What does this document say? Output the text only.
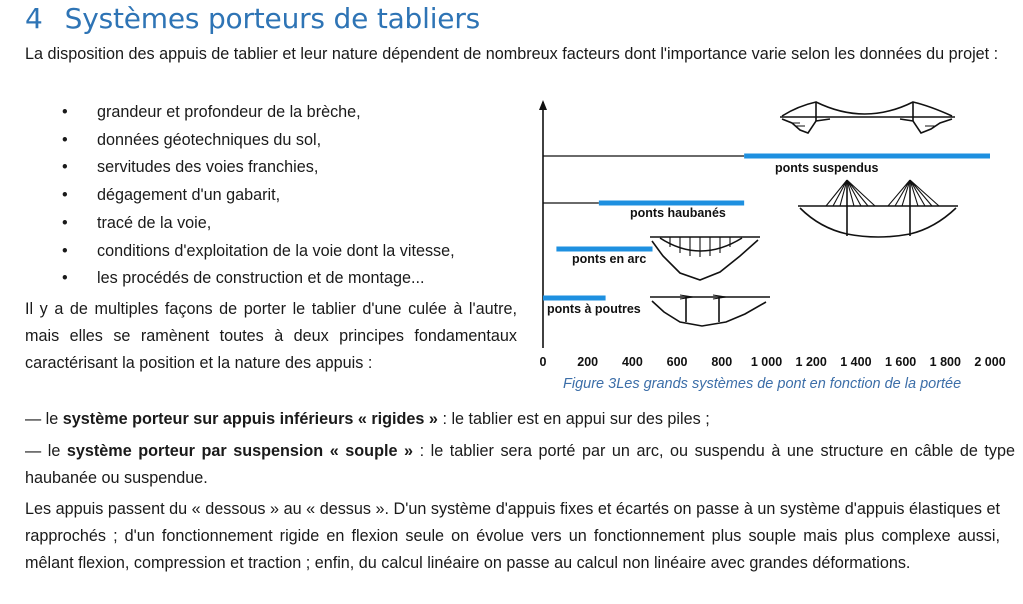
4 Systèmes porteurs de tabliers
La disposition des appuis de tablier et leur nature dépendent de nombreux facteurs dont l'importance varie selon les données du projet :
• grandeur et profondeur de la brèche,
• données géotechniques du sol,
• servitudes des voies franchies,
• dégagement d'un gabarit,
• tracé de la voie,
• conditions d'exploitation de la voie dont la vitesse,
• les procédés de construction et de montage...
Il y a de multiples façons de porter le tablier d'une culée à l'autre, mais elles se ramènent toutes à deux principes fondamentaux caractérisant la position et la nature des appuis :
ponts suspendus
ponts haubanés
ponts en arc
ponts à poutres
0 200 400 600 800 1 000 1 200 1 400 1 600 1 800 2 000
Figure 3Les grands systèmes de pont en fonction de la portée
— le système porteur sur appuis inférieurs « rigides » : le tablier est en appui sur des piles ;
— le système porteur par suspension « souple » : le tablier sera porté par un arc, ou suspendu à une structure en câble de type haubanée ou suspendue.
Les appuis passent du « dessous » au « dessus ». D'un système d'appuis fixes et écartés on passe à un système d'appuis élastiques et rapprochés ; d'un fonctionnement rigide en flexion seule on évolue vers un fonctionnement plus souple mais plus complexe aussi, mêlant flexion, compression et traction ; enfin, du calcul linéaire on passe au calcul non linéaire avec grandes déformations.
